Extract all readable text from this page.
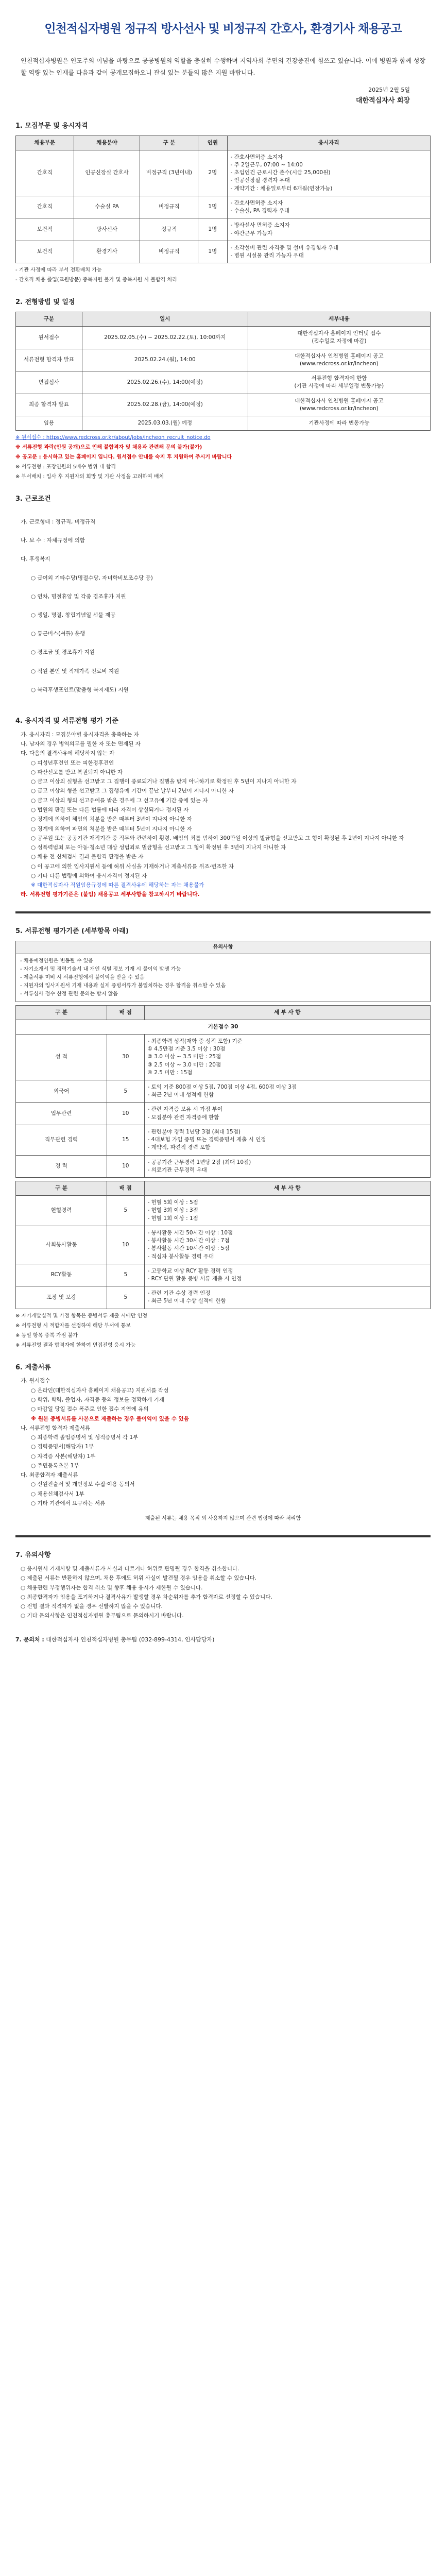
인천적십자병원 정규직 방사선사 및 비정규직 간호사, 환경기사 채용공고
인천적십자병원은 인도주의 이념을 바탕으로 공공병원의 역할을 충실히 수행하며 지역사회 주민의 건강증진에 힘쓰고 있습니다. 이에 병원과 함께 성장할 역량 있는 인재를 다음과 같이 공개모집하오니 관심 있는 분들의 많은 지원 바랍니다.
2025년 2월 5일
대한적십자사 회장
1. 모집부문 및 응시자격
채용부문	채용분야	구 분	인원	응시자격
간호직	인공신장실 간호사	비정규직 (3년이내)	2명	- 간호사면허증 소지자
- 주 2일근무, 07:00 ~ 14:00
- 초임인건 근로시간 준수(시급 25,000원)
- 인공신장실 경력자 우대
- 계약기간 : 채용일로부터 6개월(연장가능)
간호직	수술실 PA	비정규직	1명	- 간호사면허증 소지자
- 수술실, PA 경력자 우대
보건직	방사선사	정규직	1명	- 방사선사 면허증 소지자
- 야간근무 가능자
보건직	환경기사	비정규직	1명	- 소각설비 관련 자격증 및 설비 유경험자 우대
- 병원 시설물 관리 가능자 우대
- 기관 사정에 따라 부서 전환배치 가능
- 간호직 채용 졸업(교원방문) 중복지원 불가 및 중복지원 시 불합격 처리
2. 전형방법 및 일정
구분	일시	세부내용
원서접수	2025.02.05.(수) ~ 2025.02.22.(토), 10:00까지	대한적십자사 홈페이지 인터넷 접수
(접수일로 자정에 마감)
서류전형 합격자 발표	2025.02.24.(월), 14:00	대한적십자사 인천병원 홈페이지 공고
(www.redcross.or.kr/incheon)
면접심사	2025.02.26.(수), 14:00(예정)	서류전형 합격자에 한함
(기관 사정에 따라 세부일정 변동가능)
최종 합격자 발표	2025.02.28.(금), 14:00(예정)	대한적십자사 인천병원 홈페이지 공고
(www.redcross.or.kr/incheon)
임용	2025.03.03.(월) 예정	기관사정에 따라 변동가능
※ 원서접수 : https://www.redcross.or.kr/about/jobs/incheon_recruit_notice.do
※ 서류전형 과락(인원 공개)으로 인해 불합격자 및 채용과 관련해 문의 불가(불가)
※ 공고문 : 응시하고 있는 홈페이지 입니다. 원서접수 안내를 숙지 후 지원하여 주시기 바랍니다
※ 서류전형 : 포장인원의 5배수 범위 내 합격
※ 부서배치 : 입사 후 지원자의 희망 및 기관 사정을 고려하여 배치
3. 근로조건

가. 근로형태 : 정규직, 비정규직

나. 보 수 : 자체규정에 의함

다. 후생복지

○ 급여외 기타수당(명절수당, 자녀학비보조수당 등)

○ 연차, 명절휴양 및 각종 경조휴가 지원

○ 생일, 명절, 창립기념일 선물 제공

○ 통근버스(셔틀) 운행

○ 경조금 및 경조휴가 지원

○ 직원 본인 및 직계가족 진료비 지원

○ 복리후생포인트(맞춤형 복지제도) 지원

4. 응시자격 및 서류전형 평가 기준
가. 응시자격 : 모집분야별 응시자격을 충족하는 자
나. 남자의 경우 병역의무를 필한 자 또는 면제된 자
다. 다음의 결격사유에 해당하지 않는 자
○ 피성년후견인 또는 피한정후견인
○ 파산선고를 받고 복권되지 아니한 자
○ 금고 이상의 실형을 선고받고 그 집행이 종료되거나 집행을 받지 아니하기로 확정된 후 5년이 지나지 아니한 자
○ 금고 이상의 형을 선고받고 그 집행유예 기간이 끝난 날부터 2년이 지나지 아니한 자
○ 금고 이상의 형의 선고유예를 받은 경우에 그 선고유예 기간 중에 있는 자
○ 법원의 판결 또는 다른 법률에 따라 자격이 상실되거나 정지된 자
○ 징계에 의하여 해임의 처분을 받은 때부터 3년이 지나지 아니한 자
○ 징계에 의하여 파면의 처분을 받은 때부터 5년이 지나지 아니한 자
○ 공무원 또는 공공기관 재직기간 중 직무와 관련하여 횡령, 배임의 죄를 범하여 300만원 이상의 벌금형을 선고받고 그 형이 확정된 후 2년이 지나지 아니한 자
○ 성폭력범죄 또는 아동·청소년 대상 성범죄로 벌금형을 선고받고 그 형이 확정된 후 3년이 지나지 아니한 자
○ 채용 전 신체검사 결과 불합격 판정을 받은 자
○ 이 공고에 의한 입사지원서 등에 허위 사실을 기재하거나 제출서류를 위조·변조한 자
○ 기타 다른 법령에 의하여 응시자격이 정지된 자
※ 대한적십자사 직원임용규정에 따른 결격사유에 해당하는 자는 채용불가
라. 서류전형 평가기준은 (붙임) 채용공고 세부사항을 참고하시기 바랍니다.
5. 서류전형 평가기준 (세부항목 아래)
유의사항
- 채용예정인원은 변동될 수 있음
- 자기소개서 및 경력기술서 내 개인 식별 정보 기재 시 불이익 발생 가능
- 제출서류 미비 시 서류전형에서 불이익을 받을 수 있음
- 지원자의 입사지원서 기재 내용과 실제 증빙서류가 불일치하는 경우 합격을 취소할 수 있음
- 서류심사 점수 산정 관련 문의는 받지 않음
구 분	배 점	세 부 사 항
기본점수 30		
성 적	30	- 최종학력 성적(재학 중 성적 포함) 기준
① 4.5만점 기준 3.5 이상 : 30점
② 3.0 이상 ~ 3.5 미만 : 25점
③ 2.5 이상 ~ 3.0 미만 : 20점
④ 2.5 미만 : 15점
외국어	5	- 토익 기준 800점 이상 5점, 700점 이상 4점, 600점 이상 3점
- 최근 2년 이내 성적에 한함
업무관련	10	- 관련 자격증 보유 시 가점 부여
- 모집분야 관련 자격증에 한함
직무관련 경력	15	- 관련분야 경력 1년당 3점 (최대 15점)
- 4대보험 가입 증명 또는 경력증명서 제출 시 인정
- 계약직, 파견직 경력 포함
경 력	10	- 공공기관 근무경력 1년당 2점 (최대 10점)
- 의료기관 근무경력 우대
구 분	배 점	세 부 사 항
헌혈경력	5	- 헌혈 5회 이상 : 5점
- 헌혈 3회 이상 : 3점
- 헌혈 1회 이상 : 1점
사회봉사활동	10	- 봉사활동 시간 50시간 이상 : 10점
- 봉사활동 시간 30시간 이상 : 7점
- 봉사활동 시간 10시간 이상 : 5점
- 적십자 봉사활동 경력 우대
RCY활동	5	- 고등학교 이상 RCY 활동 경력 인정
- RCY 단원 활동 증빙 서류 제출 시 인정
포장 및 보강	5	- 관련 기관 수상 경력 인정
- 최근 5년 이내 수상 실적에 한함
※ 자기개발실적 및 가점 항목은 증빙서류 제출 시에만 인정
※ 서류전형 시 적합자를 선정하여 해당 부서에 통보
※ 동일 항목 중복 가점 불가
※ 서류전형 결과 합격자에 한하여 면접전형 응시 가능
6. 제출서류
가. 원서접수
○ 온라인(대한적십자사 홈페이지 채용공고) 지원서를 작성
○ 학위, 학력, 졸업자, 자격증 등의 정보를 정확하게 기재
○ 마감일 당일 접수 폭주로 인한 접수 지연에 유의
※ 원본 증빙서류를 사본으로 제출하는 경우 불이익이 있을 수 있음
나. 서류전형 합격자 제출서류
○ 최종학력 졸업증명서 및 성적증명서 각 1부
○ 경력증명서(해당자) 1부
○ 자격증 사본(해당자) 1부
○ 주민등록초본 1부
다. 최종합격자 제출서류
○ 신원진술서 및 개인정보 수집·이용 동의서
○ 채용신체검사서 1부
○ 기타 기관에서 요구하는 서류
제출된 서류는 채용 목적 외 사용하지 않으며 관련 법령에 따라 처리함
7. 유의사항
○ 응시원서 기재사항 및 제출서류가 사실과 다르거나 허위로 판명될 경우 합격을 취소합니다.
○ 제출된 서류는 반환하지 않으며, 채용 후에도 허위 사실이 발견될 경우 임용을 취소할 수 있습니다.
○ 채용관련 부정행위자는 합격 취소 및 향후 채용 응시가 제한될 수 있습니다.
○ 최종합격자가 임용을 포기하거나 결격사유가 발생할 경우 차순위자를 추가 합격자로 선정할 수 있습니다.
○ 전형 결과 적격자가 없을 경우 선발하지 않을 수 있습니다.
○ 기타 문의사항은 인천적십자병원 총무팀으로 문의하시기 바랍니다.
7. 문의처 : 대한적십자사 인천적십자병원 총무팀 (032-899-4314, 인사담당자)
